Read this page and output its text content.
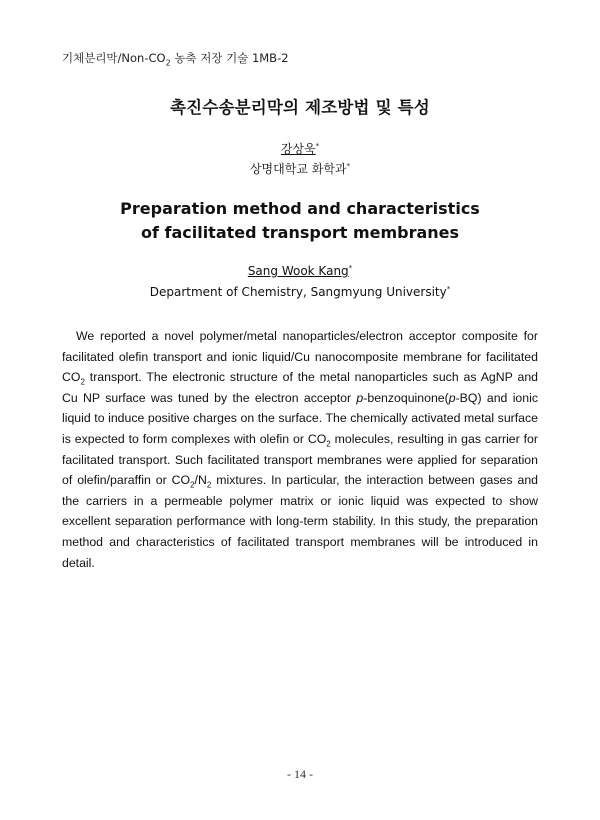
기체분리막$/Non-CO_2$ 농축 저장 기술 1MB-2
촉진수송분리막의 제조방법 및 특성
강상욱*
상명대학교 화학과*
Preparation method and characteristics
of facilitated transport membranes
Sang Wook Kang*
Department of Chemistry, Sangmyung University*

We reported a novel polymer/metal nanoparticles/electron acceptor composite for facilitated olefin transport and ionic liquid/Cu nanocomposite membrane for facilitated $CO_2$ transport. The electronic structure of the metal nanoparticles such as AgNP and Cu NP surface was tuned by the electron acceptor p-benzoquinone(p-BQ) and ionic liquid to induce positive charges on the surface. The chemically activated metal surface is expected to form complexes with olefin or $CO_2$ molecules, resulting in gas carrier for facilitated transport. Such facilitated transport membranes were applied for separation of olefin/paraffin or $CO_2/N_2$ mixtures. In particular, the interaction between gases and the carriers in a permeable polymer matrix or ionic liquid was expected to show excellent separation performance with long-term stability. In this study, the preparation method and characteristics of facilitated transport membranes will be introduced in detail.

- 14 -
